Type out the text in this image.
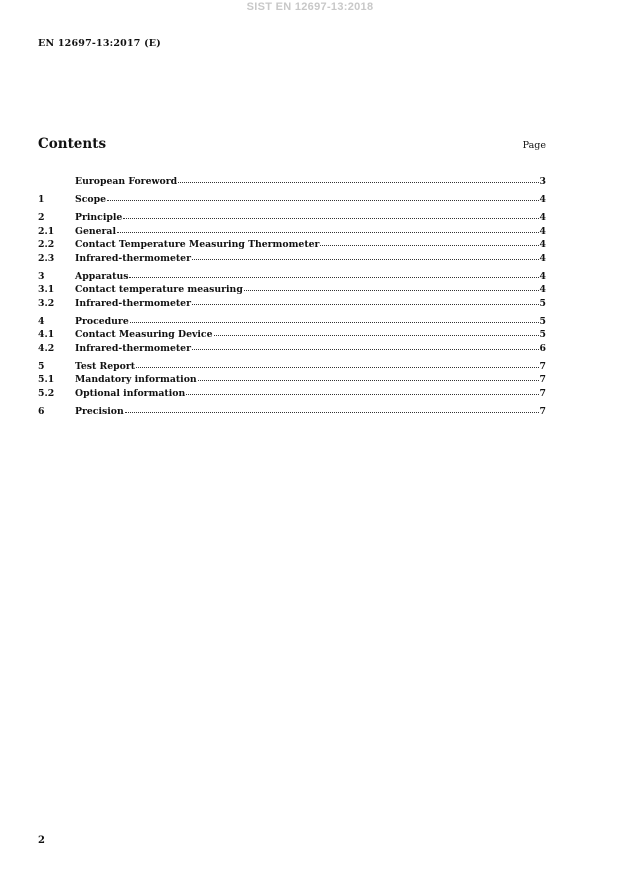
SIST EN 12697-13:2018
EN 12697-13:2017 (E)
Contents	Page
European Foreword	3
1	Scope	4
2	Principle	4
2.1	General	4
2.2	Contact Temperature Measuring Thermometer	4
2.3	Infrared-thermometer	4
3	Apparatus	4
3.1	Contact temperature measuring	4
3.2	Infrared-thermometer	5
4	Procedure	5
4.1	Contact Measuring Device	5
4.2	Infrared-thermometer	6
5	Test Report	7
5.1	Mandatory information	7
5.2	Optional information	7
6	Precision	7
2
